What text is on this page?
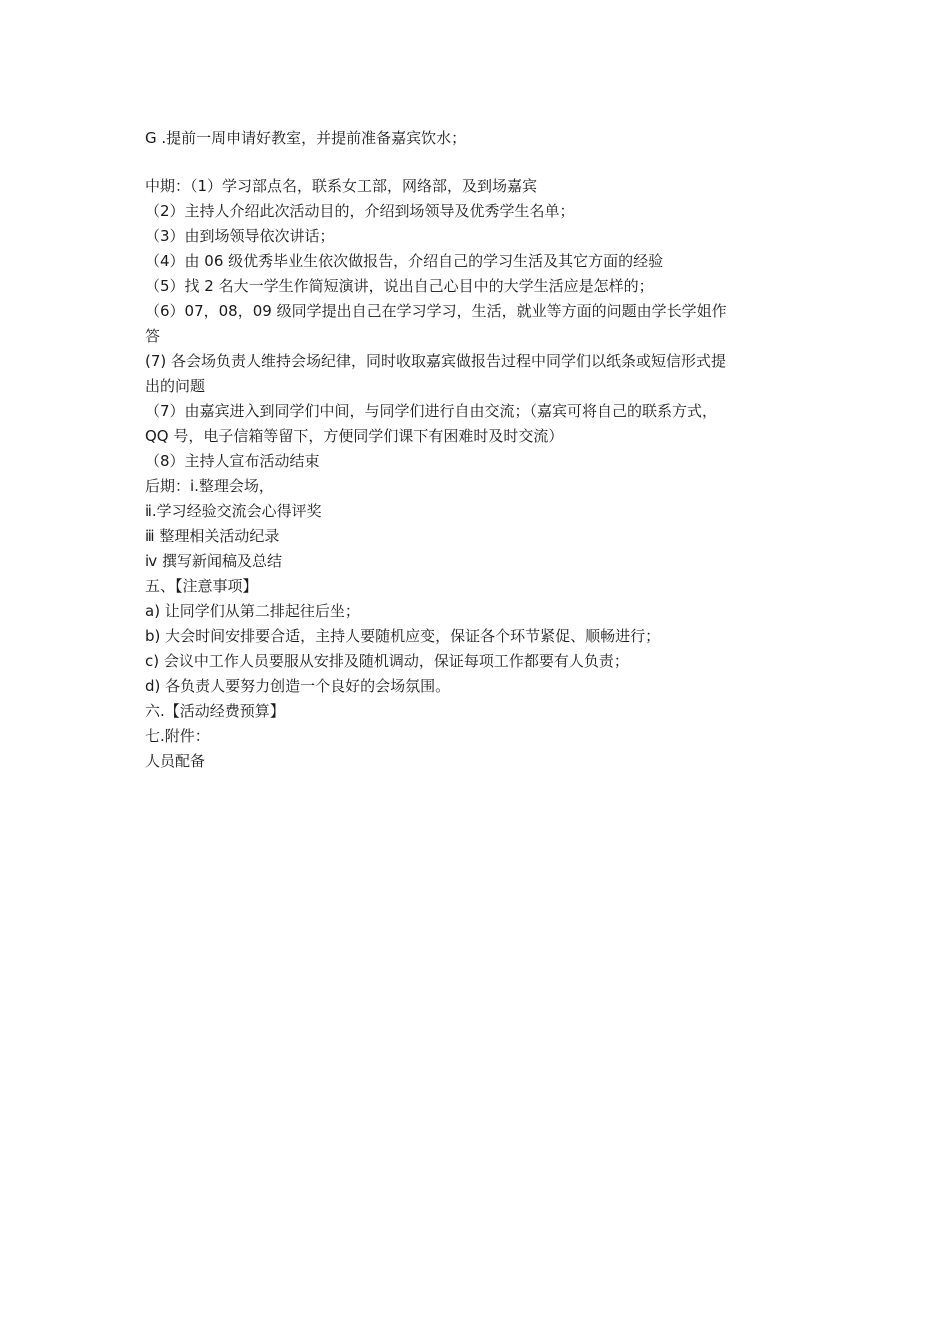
G .提前一周申请好教室，并提前准备嘉宾饮水；

中期：（1）学习部点名，联系女工部，网络部，及到场嘉宾

（2）主持人介绍此次活动目的，介绍到场领导及优秀学生名单；

（3）由到场领导依次讲话；

（4）由 06 级优秀毕业生依次做报告，介绍自己的学习生活及其它方面的经验

（5）找 2 名大一学生作简短演讲，说出自己心目中的大学生活应是怎样的；

（6）07，08，09 级同学提出自己在学习学习，生活，就业等方面的问题由学长学姐作

答

(7) 各会场负责人维持会场纪律，同时收取嘉宾做报告过程中同学们以纸条或短信形式提

出的问题

（7）由嘉宾进入到同学们中间，与同学们进行自由交流；（嘉宾可将自己的联系方式，

QQ 号，电子信箱等留下，方便同学们课下有困难时及时交流）

（8）主持人宣布活动结束

后期：ⅰ.整理会场，

ⅱ.学习经验交流会心得评奖

ⅲ 整理相关活动纪录

ⅳ 撰写新闻稿及总结

五、【注意事项】

a) 让同学们从第二排起往后坐；

b) 大会时间安排要合适，主持人要随机应变，保证各个环节紧促、顺畅进行；

c) 会议中工作人员要服从安排及随机调动，保证每项工作都要有人负责；

d) 各负责人要努力创造一个良好的会场氛围。

六.【活动经费预算】

七.附件：

人员配备
